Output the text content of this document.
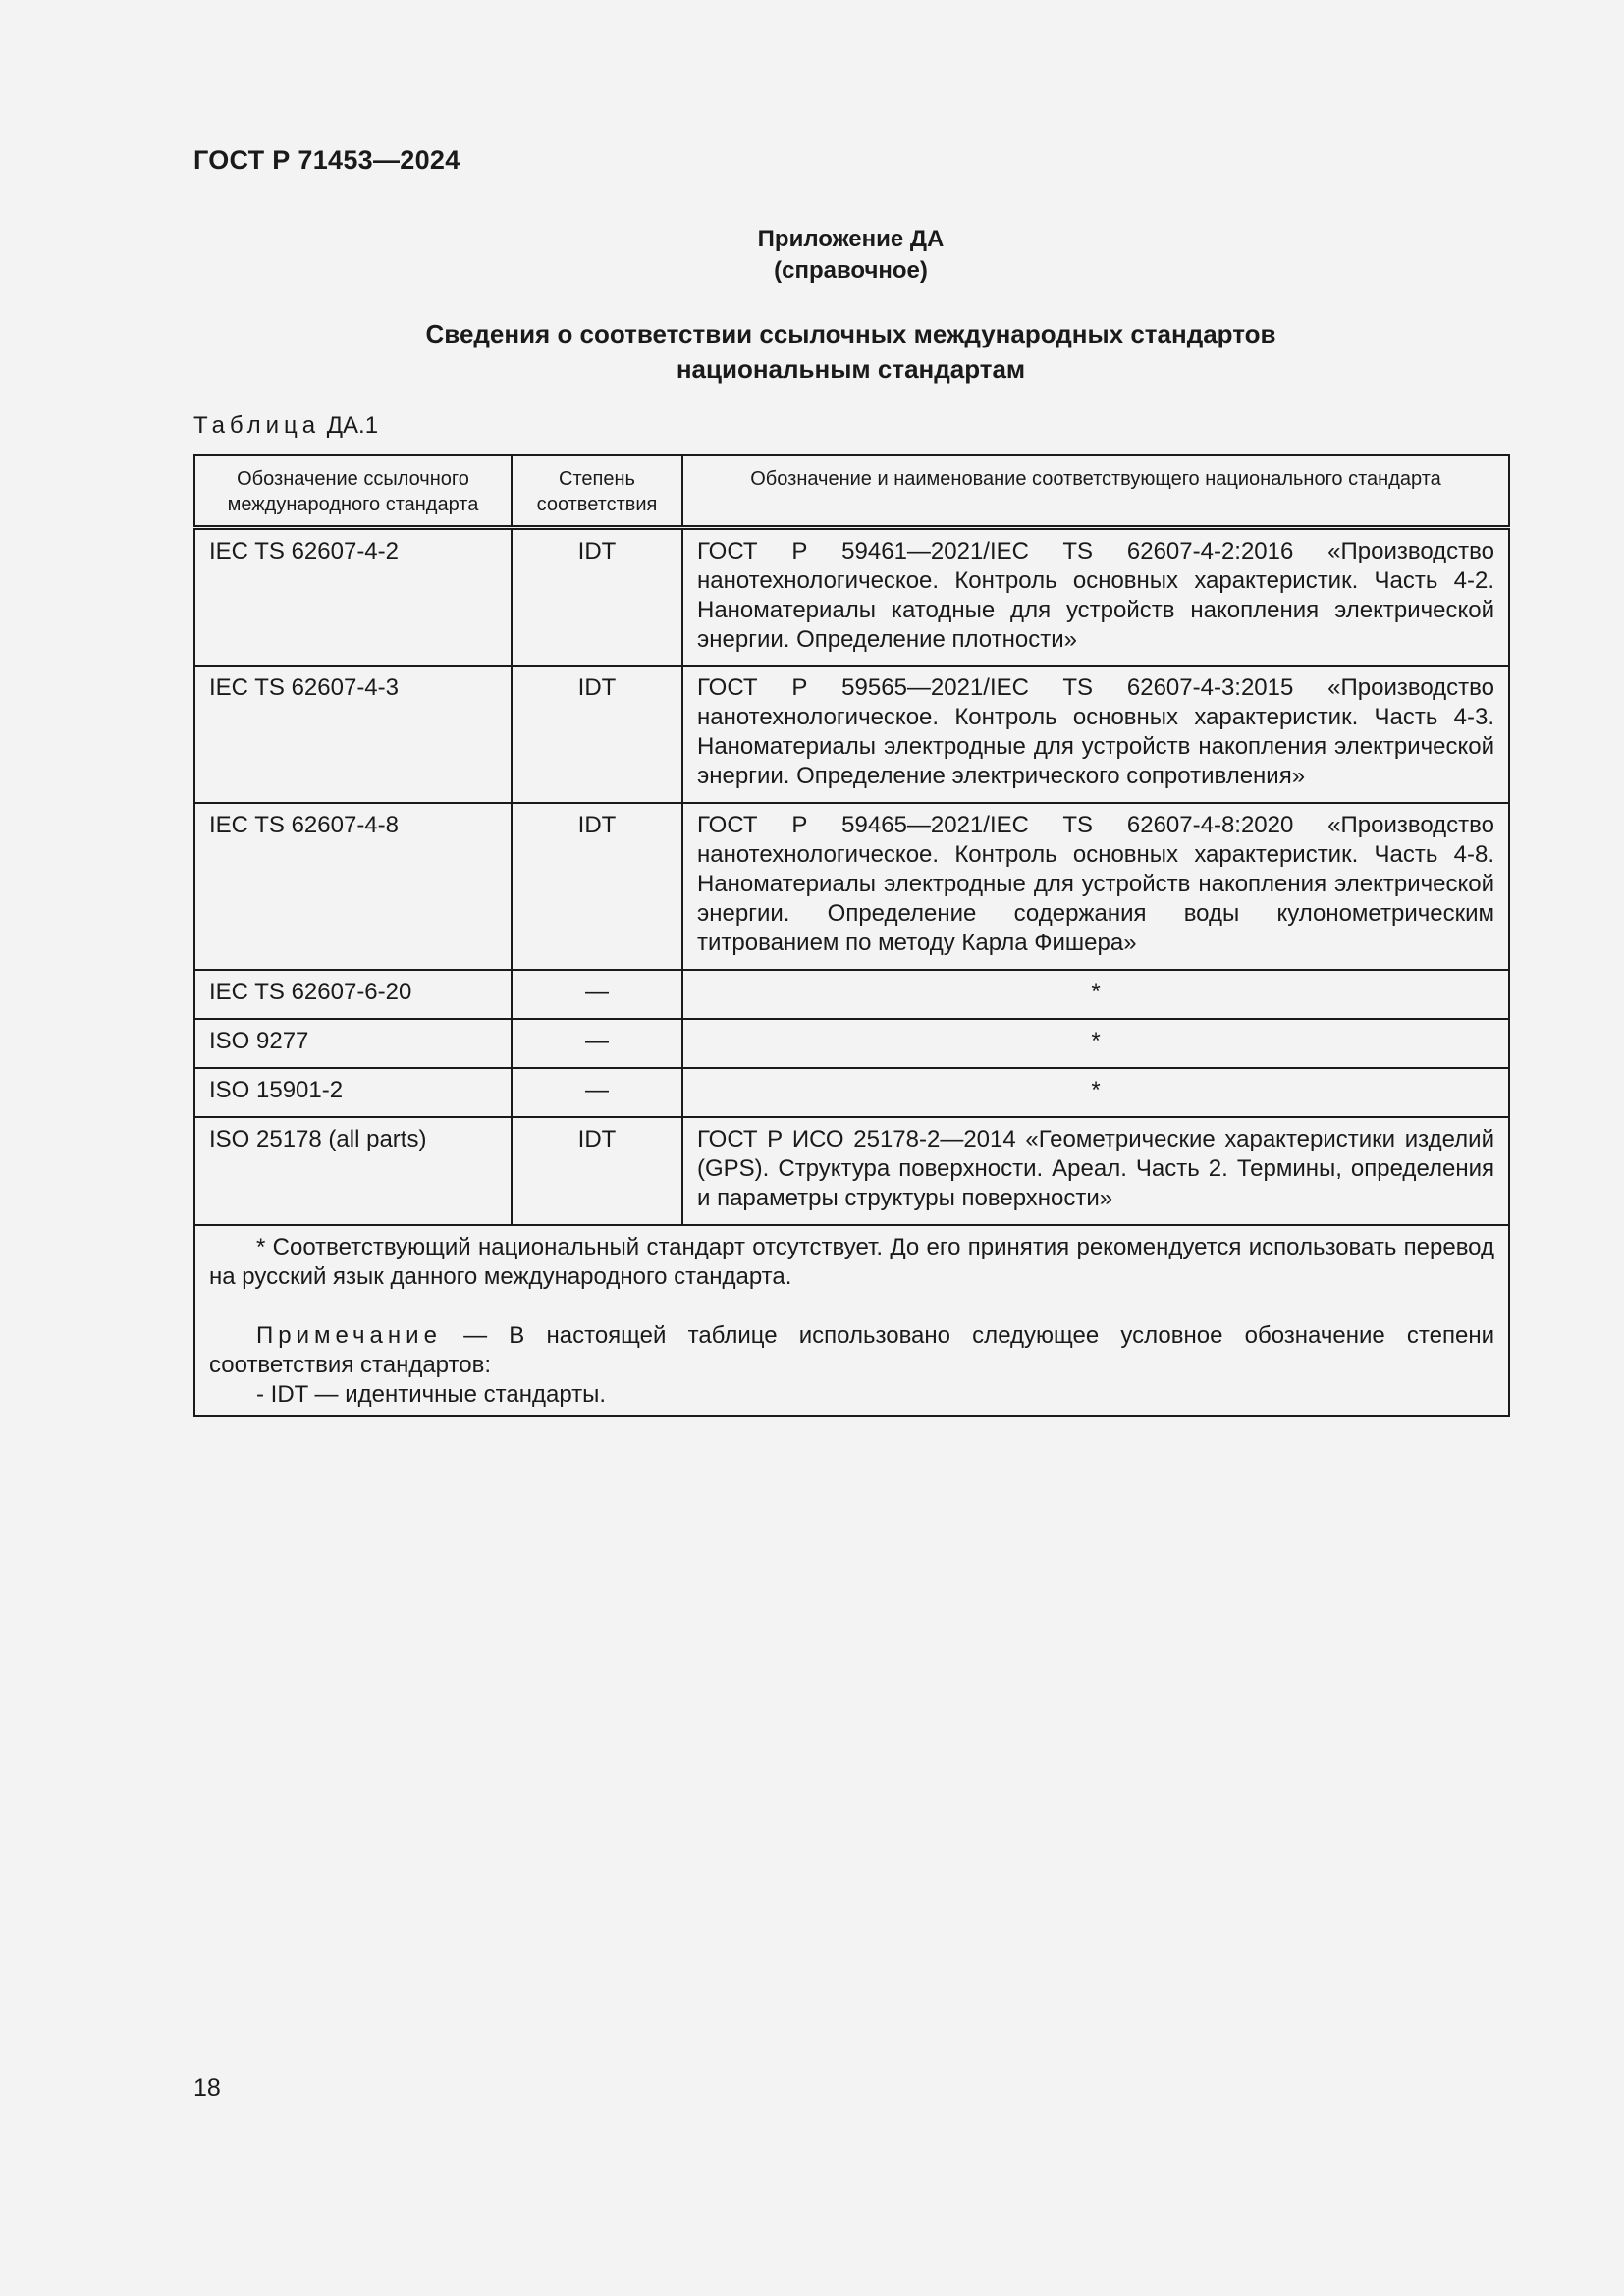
ГОСТ Р 71453—2024
Приложение ДА
(справочное)
Сведения о соответствии ссылочных международных стандартов
национальным стандартам
Таблица ДА.1
Обозначение ссылочного международного стандарта	Степень соответствия	Обозначение и наименование соответствующего национального стандарта
IEC TS 62607-4-2	IDT	ГОСТ Р 59461—2021/IEC TS 62607-4-2:2016 «Производство нанотехнологическое. Контроль основных характеристик. Часть 4-2. Наноматериалы катодные для устройств накопления электрической энергии. Определение плотности»
IEC TS 62607-4-3	IDT	ГОСТ Р 59565—2021/IEC TS 62607-4-3:2015 «Производство нанотехнологическое. Контроль основных характеристик. Часть 4-3. Наноматериалы электродные для устройств накопления электрической энергии. Определение электрического сопротивления»
IEC TS 62607-4-8	IDT	ГОСТ Р 59465—2021/IEC TS 62607-4-8:2020 «Производство нанотехнологическое. Контроль основных характеристик. Часть 4-8. Наноматериалы электродные для устройств накопления электрической энергии. Определение содержания воды кулонометрическим титрованием по методу Карла Фишера»
IEC TS 62607-6-20	—	*
ISO 9277	—	*
ISO 15901-2	—	*
ISO 25178 (all parts)	IDT	ГОСТ Р ИСО 25178-2—2014 «Геометрические характеристики изделий (GPS). Структура поверхности. Ареал. Часть 2. Термины, определения и параметры структуры поверхности»

* Соответствующий национальный стандарт отсутствует. До его принятия рекомендуется использовать перевод на русский язык данного международного стандарта.
Примечание — В настоящей таблице использовано следующее условное обозначение степени соответствия стандартов:
- IDT — идентичные стандарты.		
18
